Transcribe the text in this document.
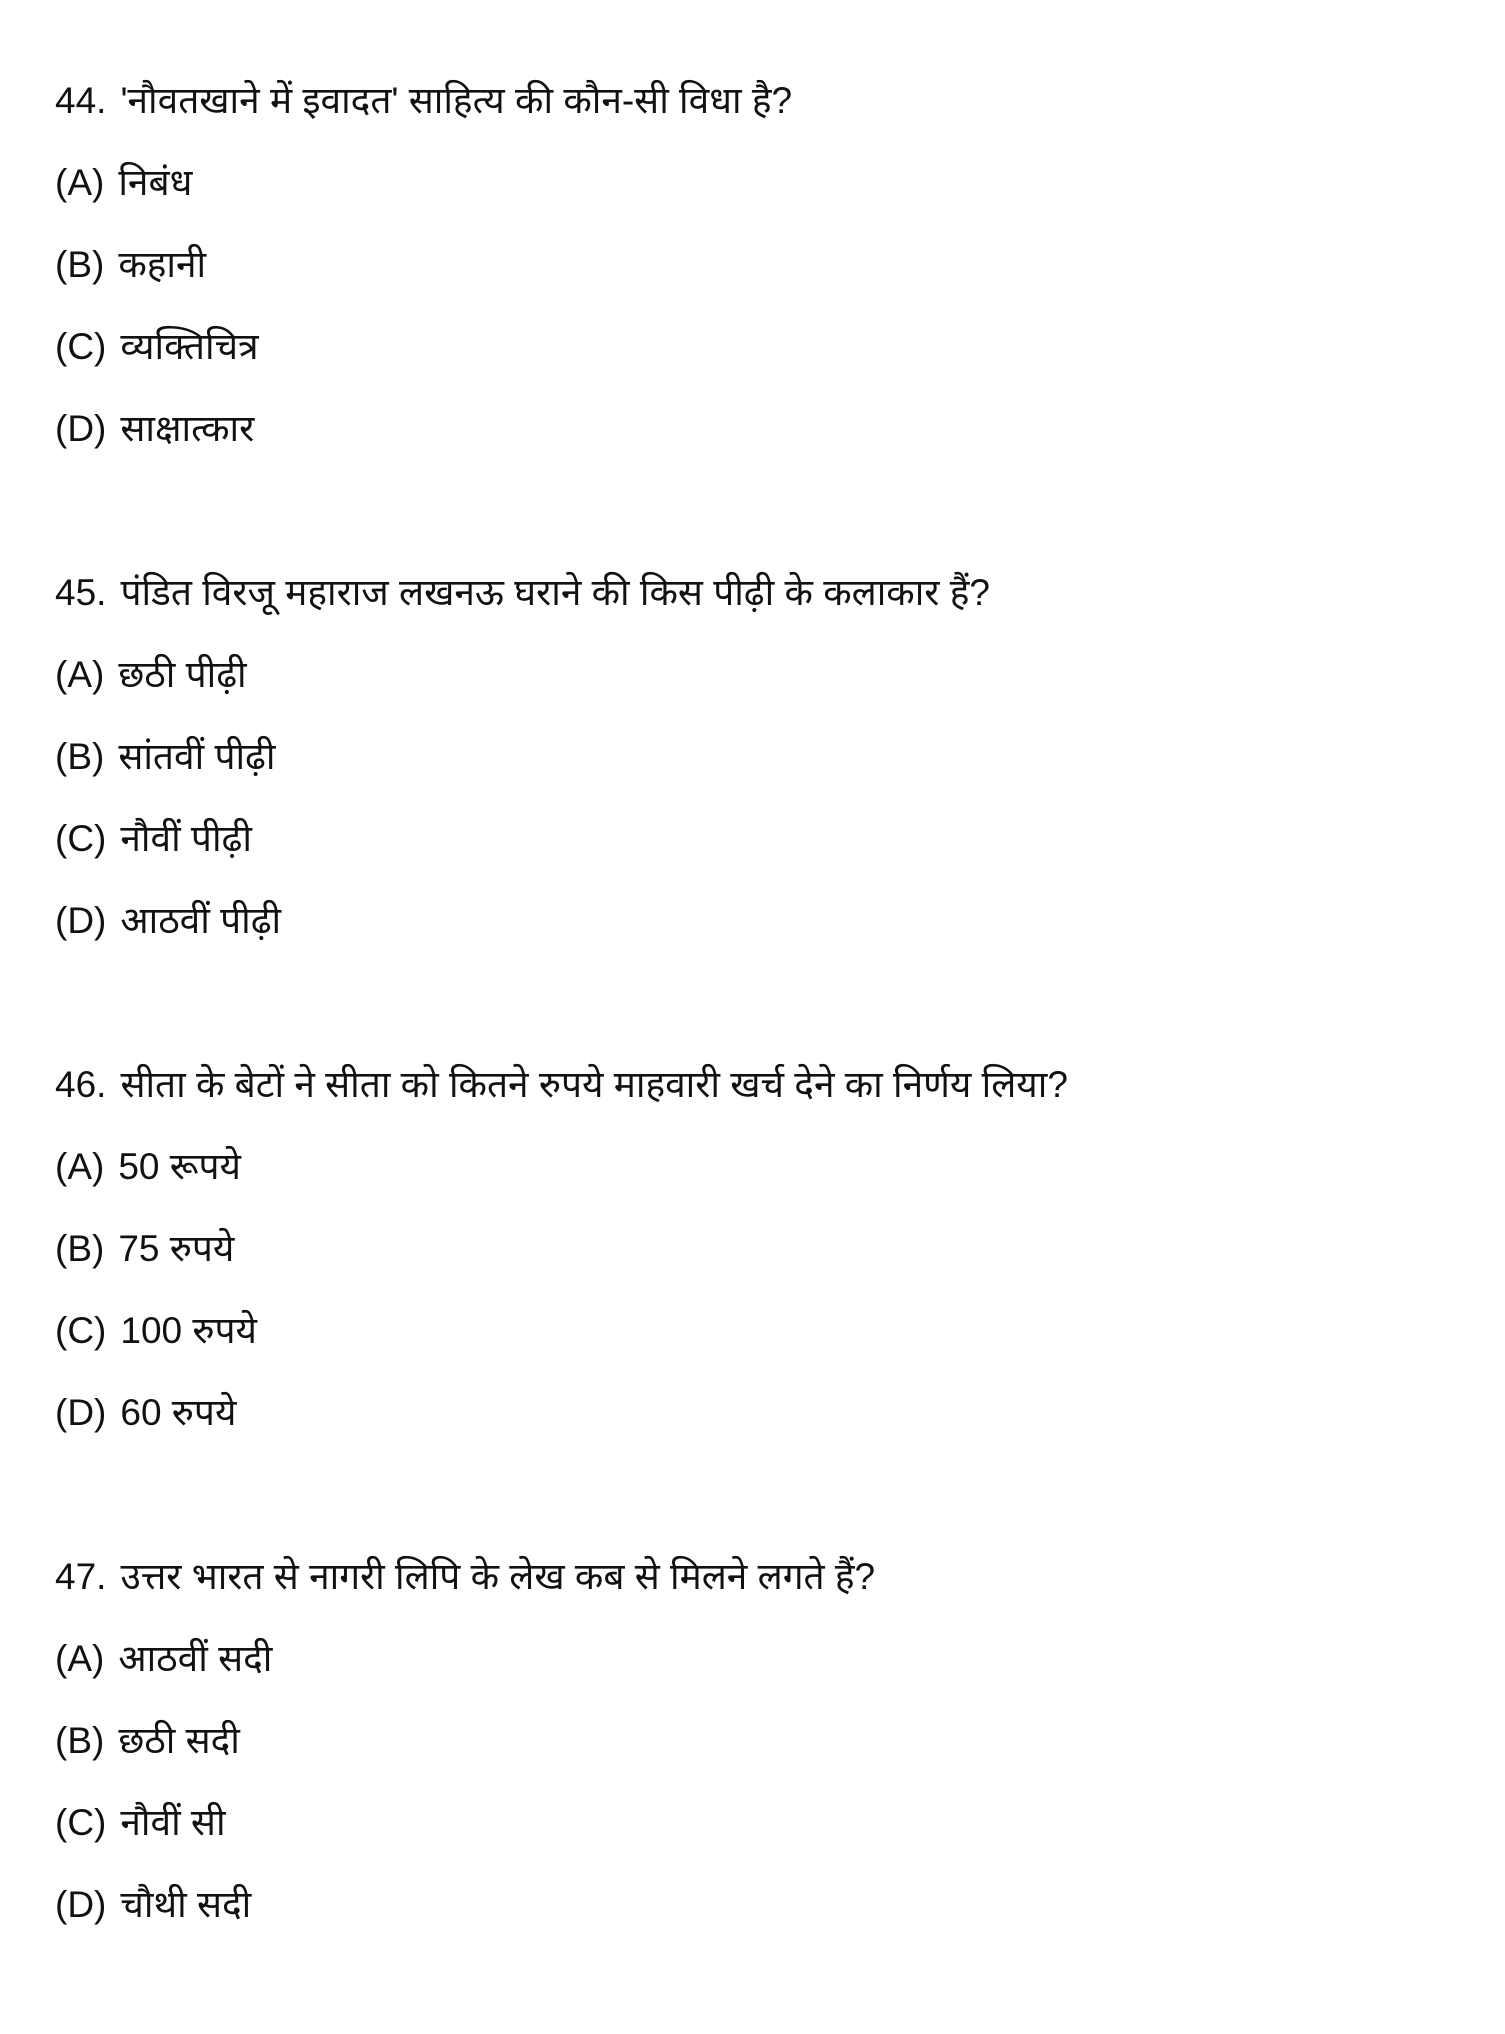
44. 'नौवतखाने में इवादत' साहित्य की कौन-सी विधा है?
(A) निबंध
(B) कहानी
(C) व्यक्तिचित्र
(D) साक्षात्कार
45. पंडित विरजू महाराज लखनऊ घराने की किस पीढ़ी के कलाकार हैं?
(A) छठी पीढ़ी
(B) सांतवीं पीढ़ी
(C) नौवीं पीढ़ी
(D) आठवीं पीढ़ी
46. सीता के बेटों ने सीता को कितने रुपये माहवारी खर्च देने का निर्णय लिया?
(A) 50 रूपये
(B) 75 रुपये
(C) 100 रुपये
(D) 60 रुपये
47. उत्तर भारत से नागरी लिपि के लेख कब से मिलने लगते हैं?
(A) आठवीं सदी
(B) छठी सदी
(C) नौवीं सी
(D) चौथी सदी
